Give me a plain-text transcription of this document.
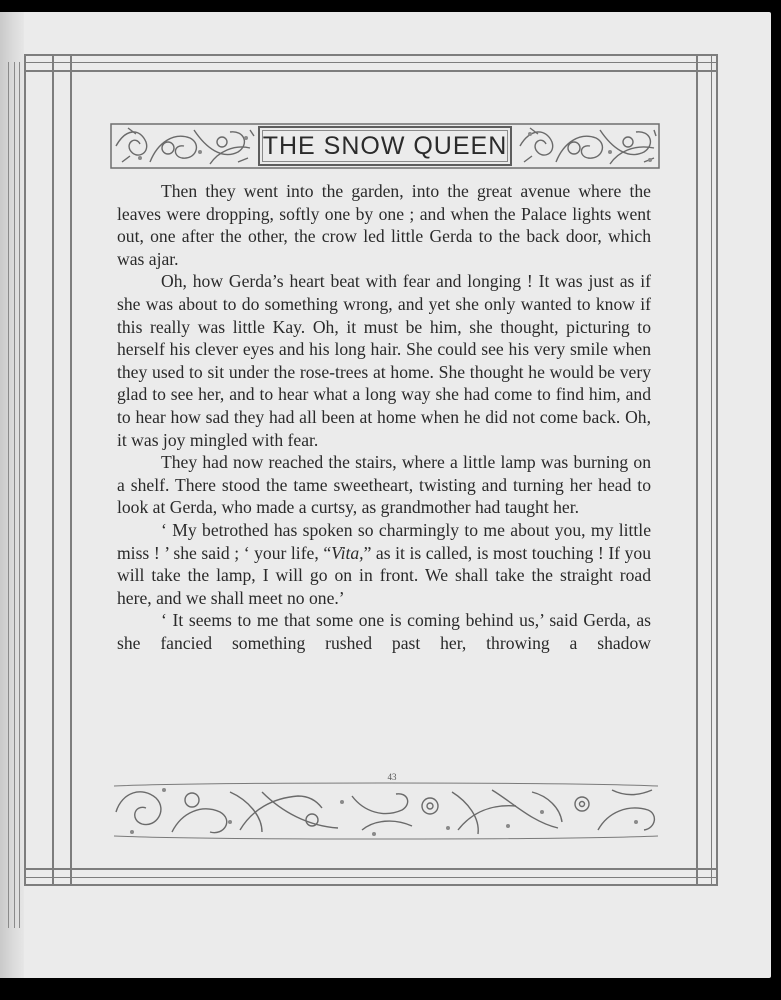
THE SNOW QUEEN

Then they went into the garden, into the great avenue where the leaves were dropping, softly one by one ; and when the Palace lights went out, one after the other, the crow led little Gerda to the back door, which was ajar.

Oh, how Gerda’s heart beat with fear and longing ! It was just as if she was about to do something wrong, and yet she only wanted to know if this really was little Kay. Oh, it must be him, she thought, picturing to herself his clever eyes and his long hair. She could see his very smile when they used to sit under the rose-trees at home. She thought he would be very glad to see her, and to hear what a long way she had come to find him, and to hear how sad they had all been at home when he did not come back. Oh, it was joy mingled with fear.

They had now reached the stairs, where a little lamp was burning on a shelf. There stood the tame sweetheart, twisting and turning her head to look at Gerda, who made a curtsy, as grandmother had taught her.

‘ My betrothed has spoken so charmingly to me about you, my little miss ! ’ she said ; ‘ your life, “Vita,” as it is called, is most touching ! If you will take the lamp, I will go on in front. We shall take the straight road here, and we shall meet no one.’

‘ It seems to me that some one is coming behind us,’ said Gerda, as she fancied something rushed past her, throwing a shadow

43
